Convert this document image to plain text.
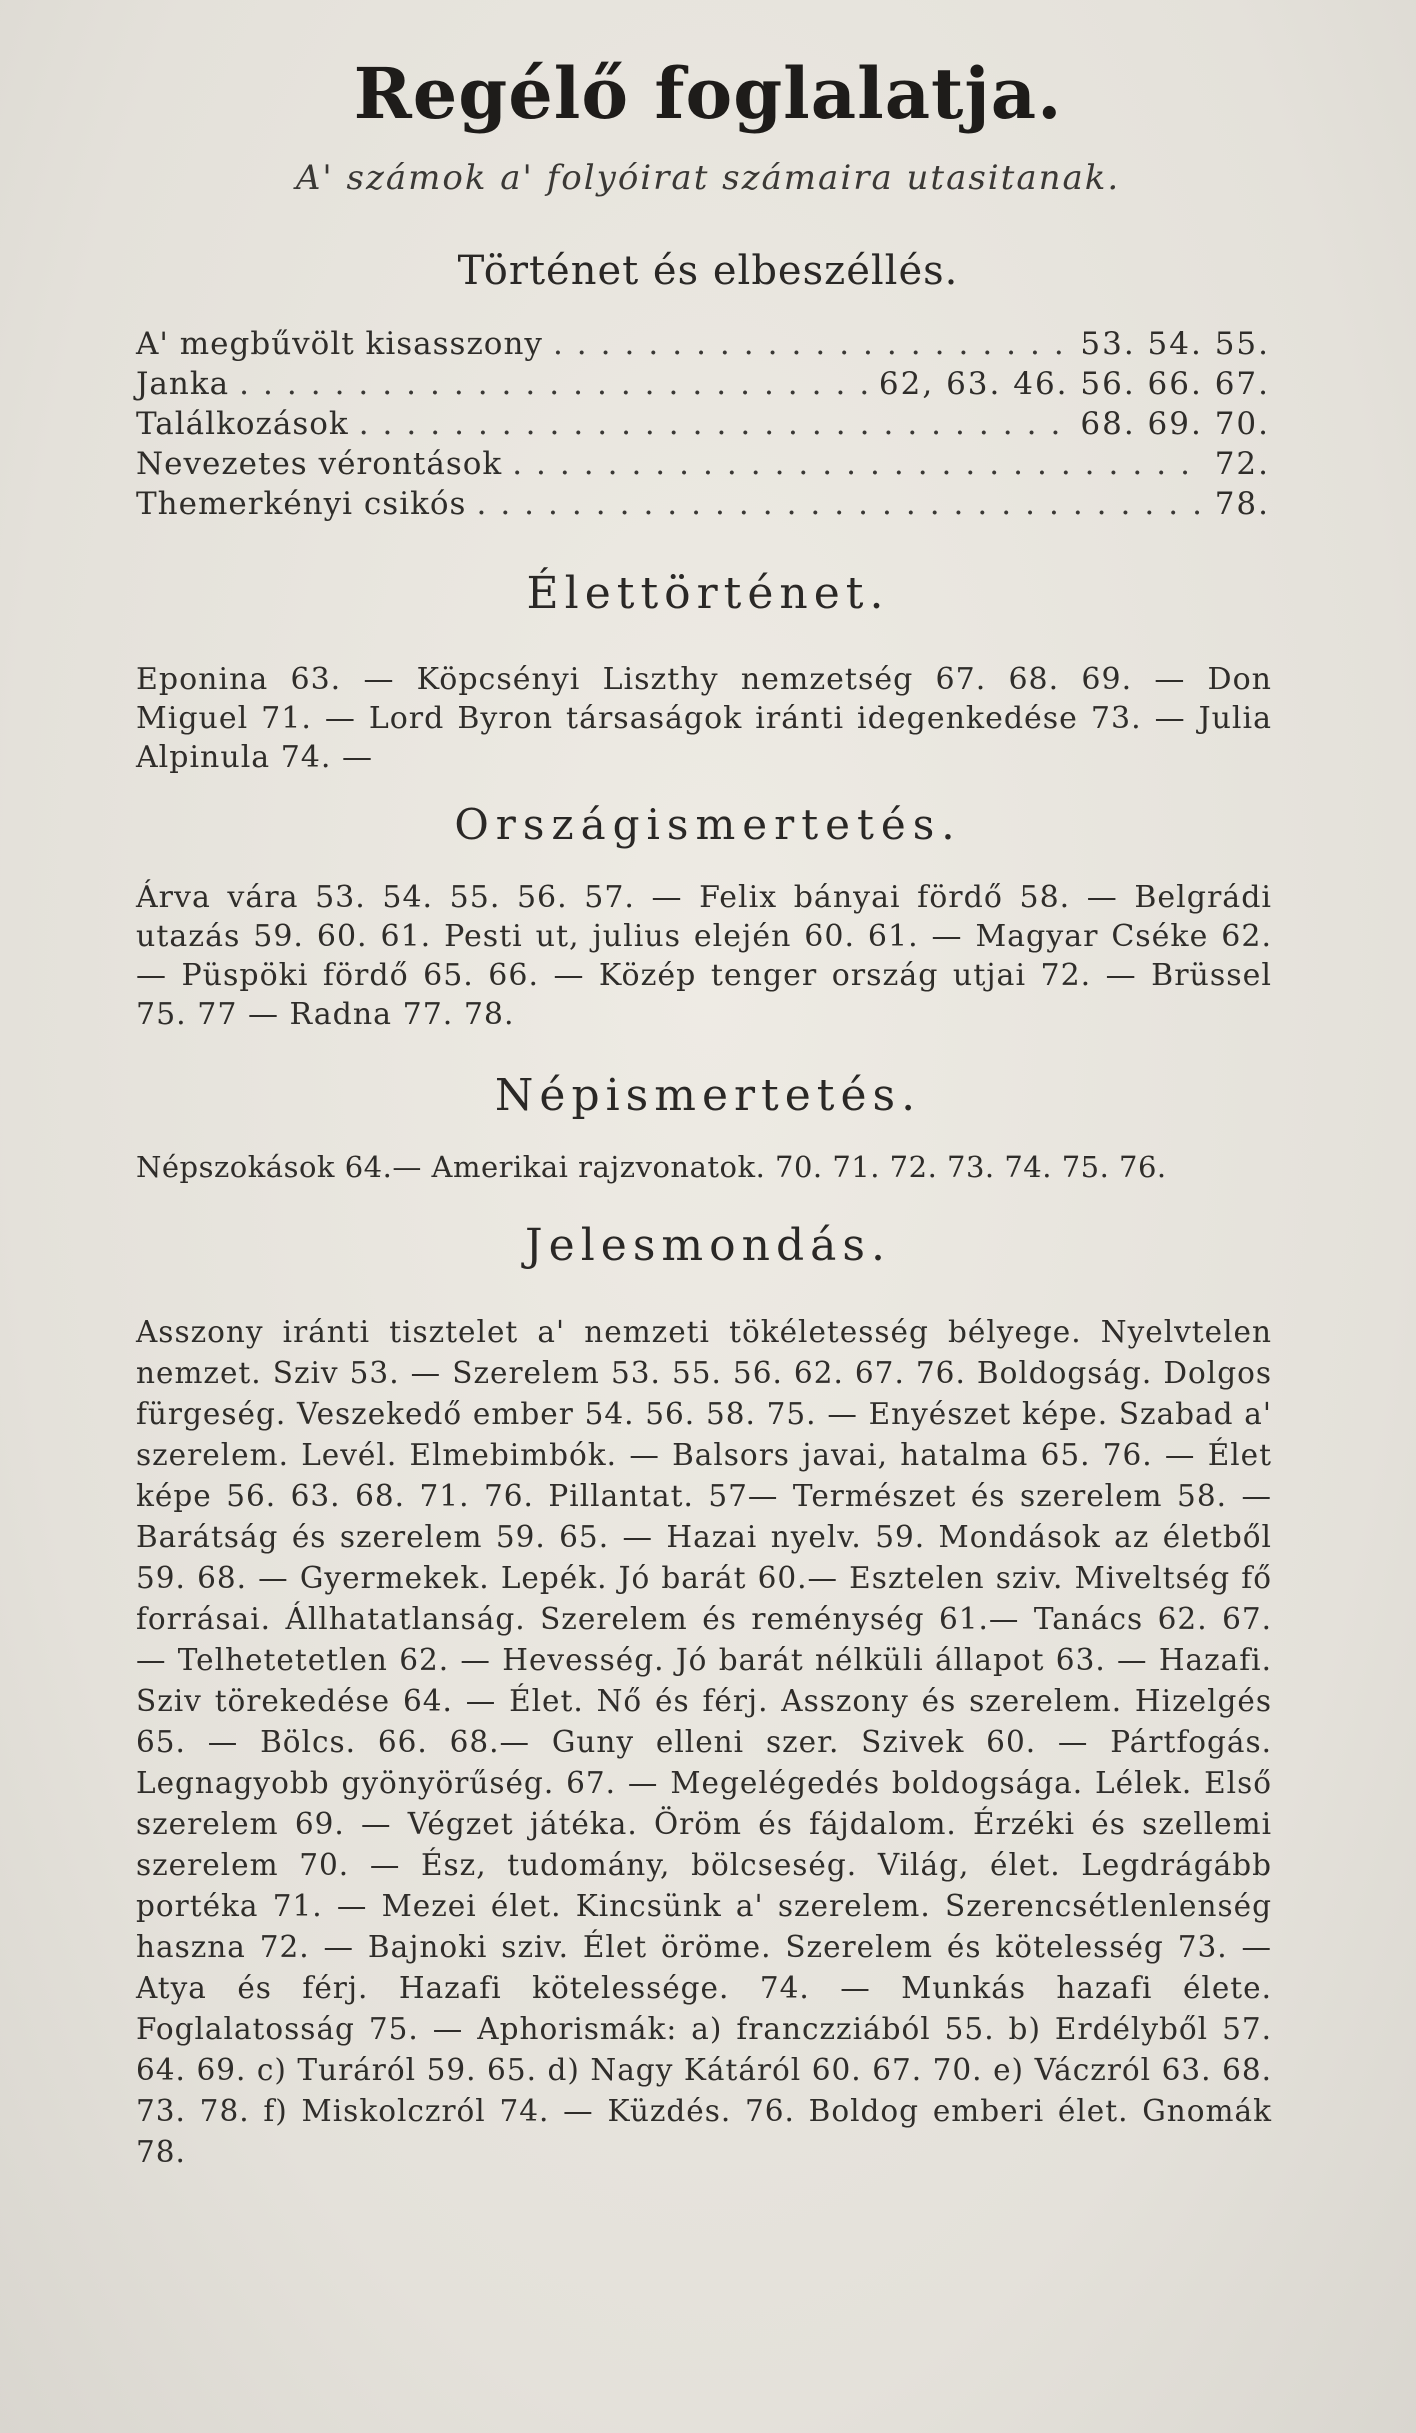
Regélő foglalatja.
A' számok a' folyóirat számaira utasitanak.
Történet és elbeszéllés.
A' megbűvölt kisasszony .....	53. 54. 55.
Janka .....	62, 63. 46. 56. 66. 67.
Találkozások .....	68. 69. 70.
Nevezetes vérontások .....	72.
Themerkényi csikós .....	78.
Élettörténet.
Eponina 63. — Köpcsényi Liszthy nemzetség 67. 68. 69. — Don Miguel 71. — Lord Byron társaságok iránti idegenkedése 73. — Julia Alpinula 74. —
Országismertetés.
Árva vára 53. 54. 55. 56. 57. — Felix bányai fördő 58. — Belgrádi utazás 59. 60. 61. Pesti ut, julius elején 60. 61. — Magyar Cséke 62. — Püspöki fördő 65. 66. — Közép tenger ország utjai 72. — Brüssel 75. 77 — Radna 77. 78.
Népismertetés.
Népszokások 64.— Amerikai rajzvonatok. 70. 71. 72. 73. 74. 75. 76.
Jelesmondás.
Asszony iránti tisztelet a' nemzeti tökéletesség bélyege. Nyelvtelen nemzet. Sziv 53. — Szerelem 53. 55. 56. 62. 67. 76. Boldogság. Dolgos fürgeség. Veszekedő ember 54. 56. 58. 75. — Enyészet képe. Szabad a' szerelem. Levél. Elmebimbók. — Balsors javai, hatalma 65. 76. — Élet képe 56. 63. 68. 71. 76. Pillantat. 57— Természet és szerelem 58. — Barátság és szerelem 59. 65. — Hazai nyelv. 59. Mondások az életből 59. 68. — Gyermekek. Lepék. Jó barát 60.— Esztelen sziv. Miveltség fő forrásai. Állhatatlanság. Szerelem és reménység 61.— Tanács 62. 67. — Telhetetetlen 62. — Hevesség. Jó barát nélküli állapot 63. — Hazafi. Sziv törekedése 64. — Élet. Nő és férj. Asszony és szerelem. Hizelgés 65. — Bölcs. 66. 68.— Guny elleni szer. Szivek 60. — Pártfogás. Legnagyobb gyönyörűség. 67. — Megelégedés boldogsága. Lélek. Első szerelem 69. — Végzet játéka. Öröm és fájdalom. Érzéki és szellemi szerelem 70. — Ész, tudomány, bölcseség. Világ, élet. Legdrágább portéka 71. — Mezei élet. Kincsünk a' szerelem. Szerencsétlenlenség haszna 72. — Bajnoki sziv. Élet öröme. Szerelem és kötelesség 73. — Atya és férj. Hazafi kötelessége. 74. — Munkás hazafi élete. Foglalatosság 75. — Aphorismák: a) franczziából 55. b) Erdélyből 57. 64. 69. c) Turáról 59. 65. d) Nagy Kátáról 60. 67. 70. e) Váczról 63. 68. 73. 78. f) Miskolczról 74. — Küzdés. 76. Boldog emberi élet. Gnomák 78.
